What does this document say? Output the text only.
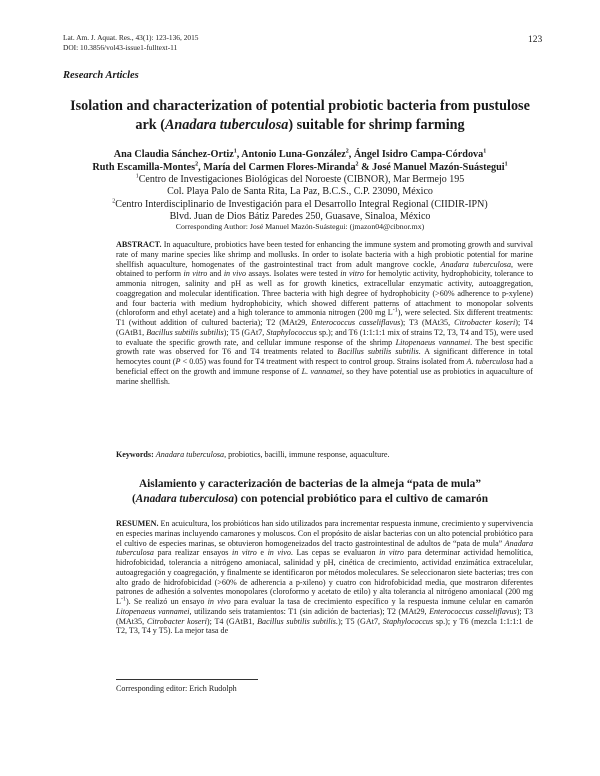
Lat. Am. J. Aquat. Res., 43(1): 123-136, 2015
DOI: 10.3856/vol43-issue1-fulltext-11
123
Research Articles
Isolation and characterization of potential probiotic bacteria from pustulose ark (Anadara tuberculosa) suitable for shrimp farming
Ana Claudia Sánchez-Ortiz$^1$, Antonio Luna-González$^2$, Ángel Isidro Campa-Córdova$^1$
Ruth Escamilla-Montes$^2$, María del Carmen Flores-Miranda$^2$ & José Manuel Mazón-Suástegui$^1$
$^1$Centro de Investigaciones Biológicas del Noroeste (CIBNOR), Mar Bermejo 195
Col. Playa Palo de Santa Rita, La Paz, B.C.S., C.P. 23090, México
$^2$Centro Interdisciplinario de Investigación para el Desarrollo Integral Regional (CIIDIR-IPN)
Blvd. Juan de Dios Bátiz Paredes 250, Guasave, Sinaloa, México
Corresponding Author: José Manuel Mazón-Suástegui: (jmazon04@cibnor.mx)
ABSTRACT. In aquaculture, probiotics have been tested for enhancing the immune system and promoting growth and survival rate of many marine species like shrimp and mollusks. In order to isolate bacteria with a high probiotic potential for marine shellfish aquaculture, homogenates of the gastrointestinal tract from adult mangrove cockle, Anadara tuberculosa, were obtained to perform in vitro and in vivo assays. Isolates were tested in vitro for hemolytic activity, hydrophobicity, tolerance to ammonia nitrogen, salinity and pH as well as for growth kinetics, extracellular enzymatic activity, autoaggregation, coaggregation and molecular identification. Three bacteria with high degree of hydrophobicity (>60% adherence to p-xylene) and four bacteria with medium hydrophobicity, which showed different patterns of attachment to monopolar solvents (chloroform and ethyl acetate) and a high tolerance to ammonia nitrogen (200 mg $L^{-1}$), were selected. Six different treatments: T1 (without addition of cultured bacteria); T2 (MAt29, Enterococcus casseliflavus); T3 (MAt35, Citrobacter koseri); T4 (GAtB1, Bacillus subtilis subtilis); T5 (GAt7, Staphylococcus sp.); and T6 (1:1:1:1 mix of strains T2, T3, T4 and T5), were used to evaluate the specific growth rate, and cellular immune response of the shrimp Litopenaeus vannamei. The best specific growth rate was observed for T6 and T4 treatments related to Bacillus subtilis subtilis. A significant difference in total hemocytes count (P < 0.05) was found for T4 treatment with respect to control group. Strains isolated from A. tuberculosa had a beneficial effect on the growth and immune response of L. vannamei, so they have potential use as probiotics in aquaculture of marine shellfish.
Keywords: Anadara tuberculosa, probiotics, bacilli, immune response, aquaculture.
Aislamiento y caracterización de bacterias de la almeja “pata de mula”
(Anadara tuberculosa) con potencial probiótico para el cultivo de camarón
RESUMEN. En acuicultura, los probióticos han sido utilizados para incrementar respuesta inmune, crecimiento y supervivencia en especies marinas incluyendo camarones y moluscos. Con el propósito de aislar bacterias con un alto potencial probiótico para el cultivo de especies marinas, se obtuvieron homogeneizados del tracto gastrointestinal de adultos de “pata de mula” Anadara tuberculosa para realizar ensayos in vitro e in vivo. Las cepas se evaluaron in vitro para determinar actividad hemolítica, hidrofobicidad, tolerancia a nitrógeno amoniacal, salinidad y pH, cinética de crecimiento, actividad enzimática extracelular, autoagregación y coagregación, y finalmente se identificaron por métodos moleculares. Se seleccionaron siete bacterias; tres con alto grado de hidrofobicidad (>60% de adherencia a p-xileno) y cuatro con hidrofobicidad media, que mostraron diferentes patrones de adhesión a solventes monopolares (cloroformo y acetato de etilo) y alta tolerancia al nitrógeno amoniacal (200 mg $L^{-1}$). Se realizó un ensayo in vivo para evaluar la tasa de crecimiento específico y la respuesta inmune celular en camarón Litopenaeus vannamei, utilizando seis tratamientos: T1 (sin adición de bacterias); T2 (MAt29, Enterococcus casseliflavus); T3 (MAt35, Citrobacter koseri); T4 (GAtB1, Bacillus subtilis subtilis.); T5 (GAt7, Staphylococcus sp.); y T6 (mezcla 1:1:1:1 de T2, T3, T4 y T5). La mejor tasa de
Corresponding editor: Erich Rudolph
